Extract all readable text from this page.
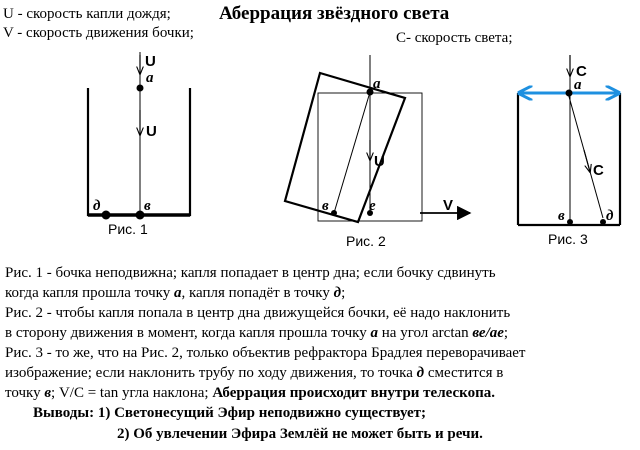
U - скорость капли дождя;
V - скорость движения бочки;	С- скорость света;
Аберрация звёздного света
U
а
U
д	в
Рис. 1
а
U
в	е	V
Рис. 2
C
а
C
в	д
Рис. 3
Рис. 1 - бочка неподвижна; капля попадает в центр дна; если бочку сдвинуть
когда капля прошла точку а, капля попадёт в точку д;
Рис. 2 - чтобы капля попала в центр дна движущейся бочки, её надо наклонить
в сторону движения в момент, когда капля прошла точку а на угол arctan ве/ае;
Рис. 3 - то же, что на Рис. 2, только объектив рефрактора Брадлея переворачивает
изображение; если наклонить трубу по ходу движения, то точка д сместится в
точку в; V/C = tan угла наклона; Аберрация происходит внутри телескопа.
Выводы: 1) Светонесущий Эфир неподвижно существует;
2) Об увлечении Эфира Землёй не может быть и речи.
